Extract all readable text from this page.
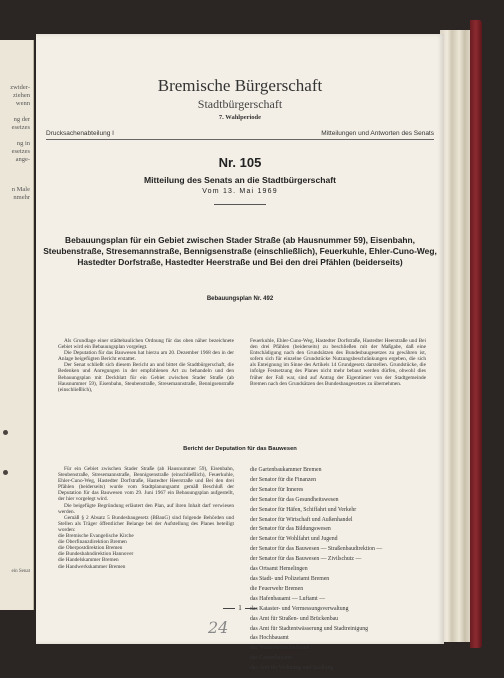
zwider-
ziehen
wenn
ng der
esetzes
ng in
esetzes
angе-
n Male
nmehr
ein Senat
Bremische Bürgerschaft
Stadtbürgerschaft
7. Wahlperiode
Drucksachenabteilung I	Mitteilungen und Antworten des Senats
Nr. 105
Mitteilung des Senats an die Stadtbürgerschaft
Vom 13. Mai 1969
Bebauungsplan für ein Gebiet zwischen Stader Straße (ab Hausnummer 59), Eisenbahn, Steubenstraße, Stresemannstraße, Bennigsenstraße (einschließlich), Feuerkuhle, Ehler-Cuno-Weg, Hastedter Dorfstraße, Hastedter Heerstraße und Bei den drei Pfählen (beiderseits)
Bebauungsplan Nr. 492

Als Grundlage einer städtebaulichen Ordnung für das oben näher bezeichnete Gebiet wird ein Bebauungsplan vorgelegt.

Die Deputation für das Bauwesen hat hierzu am 20. Dezember 1968 den in der Anlage beigefügten Bericht erstattet.

Der Senat schließt sich diesem Bericht an und bittet die Stadtbürgerschaft, die Bedenken und Anregungen in der empfohlenen Art zu behandeln und den Bebauungsplan mit Deckblatt für ein Gebiet zwischen Stader Straße (ab Hausnummer 59), Eisenbahn, Steubenstraße, Stresemannstraße, Bennigsenstraße (einschließlich),

Feuerkuhle, Ehler-Cuno-Weg, Hastedter Dorfstraße, Hastedter Heerstraße und Bei den drei Pfählen (beiderseits) zu beschließen mit der Maßgabe, daß eine Entschädigung nach den Grundsätzen des Bundesbaugesetzes zu gewähren ist, sofern sich für einzelne Grundstücke Nutzungsbeschränkungen ergeben, die sich als Enteignung im Sinne des Artikels 14 Grundgesetz darstellen. Grundstücke, die infolge Festsetzung des Planes nicht mehr bebaut werden dürfen, obwohl dies früher der Fall war, sind auf Antrag der Eigentümer von der Stadtgemeinde Bremen nach den Grundsätzen des Bundesbaugesetzes zu übernehmen.

Bericht der Deputation für das Bauwesen

Für ein Gebiet zwischen Stader Straße (ab Hausnummer 59), Eisenbahn, Steubenstraße, Stresemannstraße, Bennigsenstraße (einschließlich), Feuerkuhle, Ehler-Cuno-Weg, Hastedter Dorfstraße, Hastedter Heerstraße und Bei den drei Pfählen (beiderseits) wurde vom Stadtplanungsamt gemäß Beschluß der Deputation für das Bauwesen vom 29. Juni 1967 ein Bebauungsplan aufgestellt, der hier vorgelegt wird.

Die beigefügte Begründung erläutert den Plan, auf ihren Inhalt darf verwiesen werden.

Gemäß § 2 Absatz 5 Bundesbaugesetz (BBauG) sind folgende Behörden und Stellen als Träger öffentlicher Belange bei der Aufstellung des Planes beteiligt worden:

die Bremische Evangelische Kirche

die Oberfinanzdirektion Bremen

die Oberpostdirektion Bremen

die Bundesbahndirektion Hannover

die Handelskammer Bremen

die Handwerkskammer Bremen

die Gartenbaukammer Bremen
der Senator für die Finanzen
der Senator für Inneres
der Senator für das Gesundheitswesen
der Senator für Häfen, Schiffahrt und Verkehr
der Senator für Wirtschaft und Außenhandel
der Senator für das Bildungswesen
der Senator für Wohlfahrt und Jugend
der Senator für das Bauwesen — Straßenbaudirektion —
der Senator für das Bauwesen — Zivilschutz —
das Ortsamt Hemelingen
das Stadt- und Polizeiamt Bremen
die Feuerwehr Bremen
das Hafenbauamt — Luftamt —
das Kataster- und Vermessungsverwaltung
das Amt für Straßen- und Brückenbau
das Amt für Stadtentwässerung und Stadtreinigung
das Hochbauamt
das Wasserwirtschaftsamt
das Gartenbauamt
das Amt für Wohnung und Siedlung
1
24
